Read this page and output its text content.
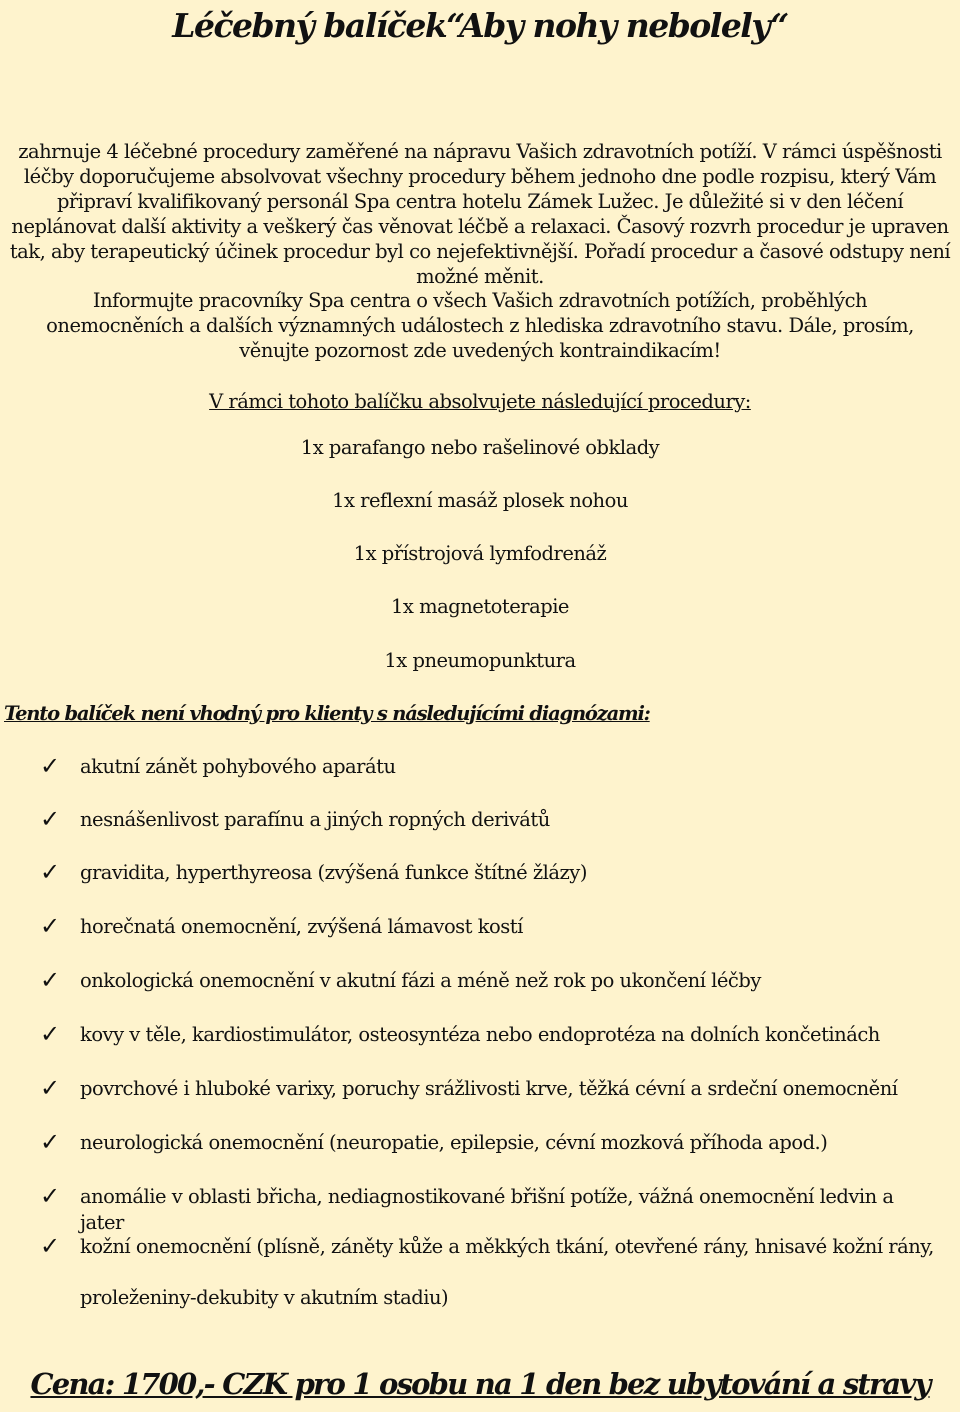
Léčebný balíček“Aby nohy nebolely“

zahrnuje 4 léčebné procedury zaměřené na nápravu Vašich zdravotních potíží. V rámci úspěšnosti léčby doporučujeme absolvovat všechny procedury během jednoho dne podle rozpisu, který Vám připraví kvalifikovaný personál Spa centra hotelu Zámek Lužec. Je důležité si v den léčení neplánovat další aktivity a veškerý čas věnovat léčbě a relaxaci. Časový rozvrh procedur je upraven tak, aby terapeutický účinek procedur byl co nejefektivnější. Pořadí procedur a časové odstupy není možné měnit.

Informujte pracovníky Spa centra o všech Vašich zdravotních potížích, proběhlých onemocněních a dalších významných událostech z hlediska zdravotního stavu. Dále, prosím, věnujte pozornost zde uvedených kontraindikacím!

V rámci tohoto balíčku absolvujete následující procedury:

1x parafango nebo rašelinové obklady

1x reflexní masáž plosek nohou

1x přístrojová lymfodrenáž

1x magnetoterapie

1x pneumopunktura

Tento balíček není vhodný pro klienty s následujícími diagnózami:

✓	akutní zánět pohybového aparátu
✓	nesnášenlivost parafínu a jiných ropných derivátů
✓	gravidita, hyperthyreosa (zvýšená funkce štítné žlázy)
✓	horečnatá onemocnění, zvýšená lámavost kostí
✓	onkologická onemocnění v akutní fázi a méně než rok po ukončení léčby
✓	kovy v těle, kardiostimulátor, osteosyntéza nebo endoprotéza na dolních končetinách
✓	povrchové i hluboké varixy, poruchy srážlivosti krve, těžká cévní a srdeční onemocnění
✓	neurologická onemocnění (neuropatie, epilepsie, cévní mozková příhoda apod.)
✓	anomálie v oblasti břicha, nediagnostikované břišní potíže, vážná onemocnění ledvin a jater
✓	kožní onemocnění (plísně, záněty kůže a měkkých tkání, otevřené rány, hnisavé kožní rány,
proleženiny-dekubity v akutním stadiu)

Cena: 1700,- CZK pro 1 osobu na 1 den bez ubytování a stravy
